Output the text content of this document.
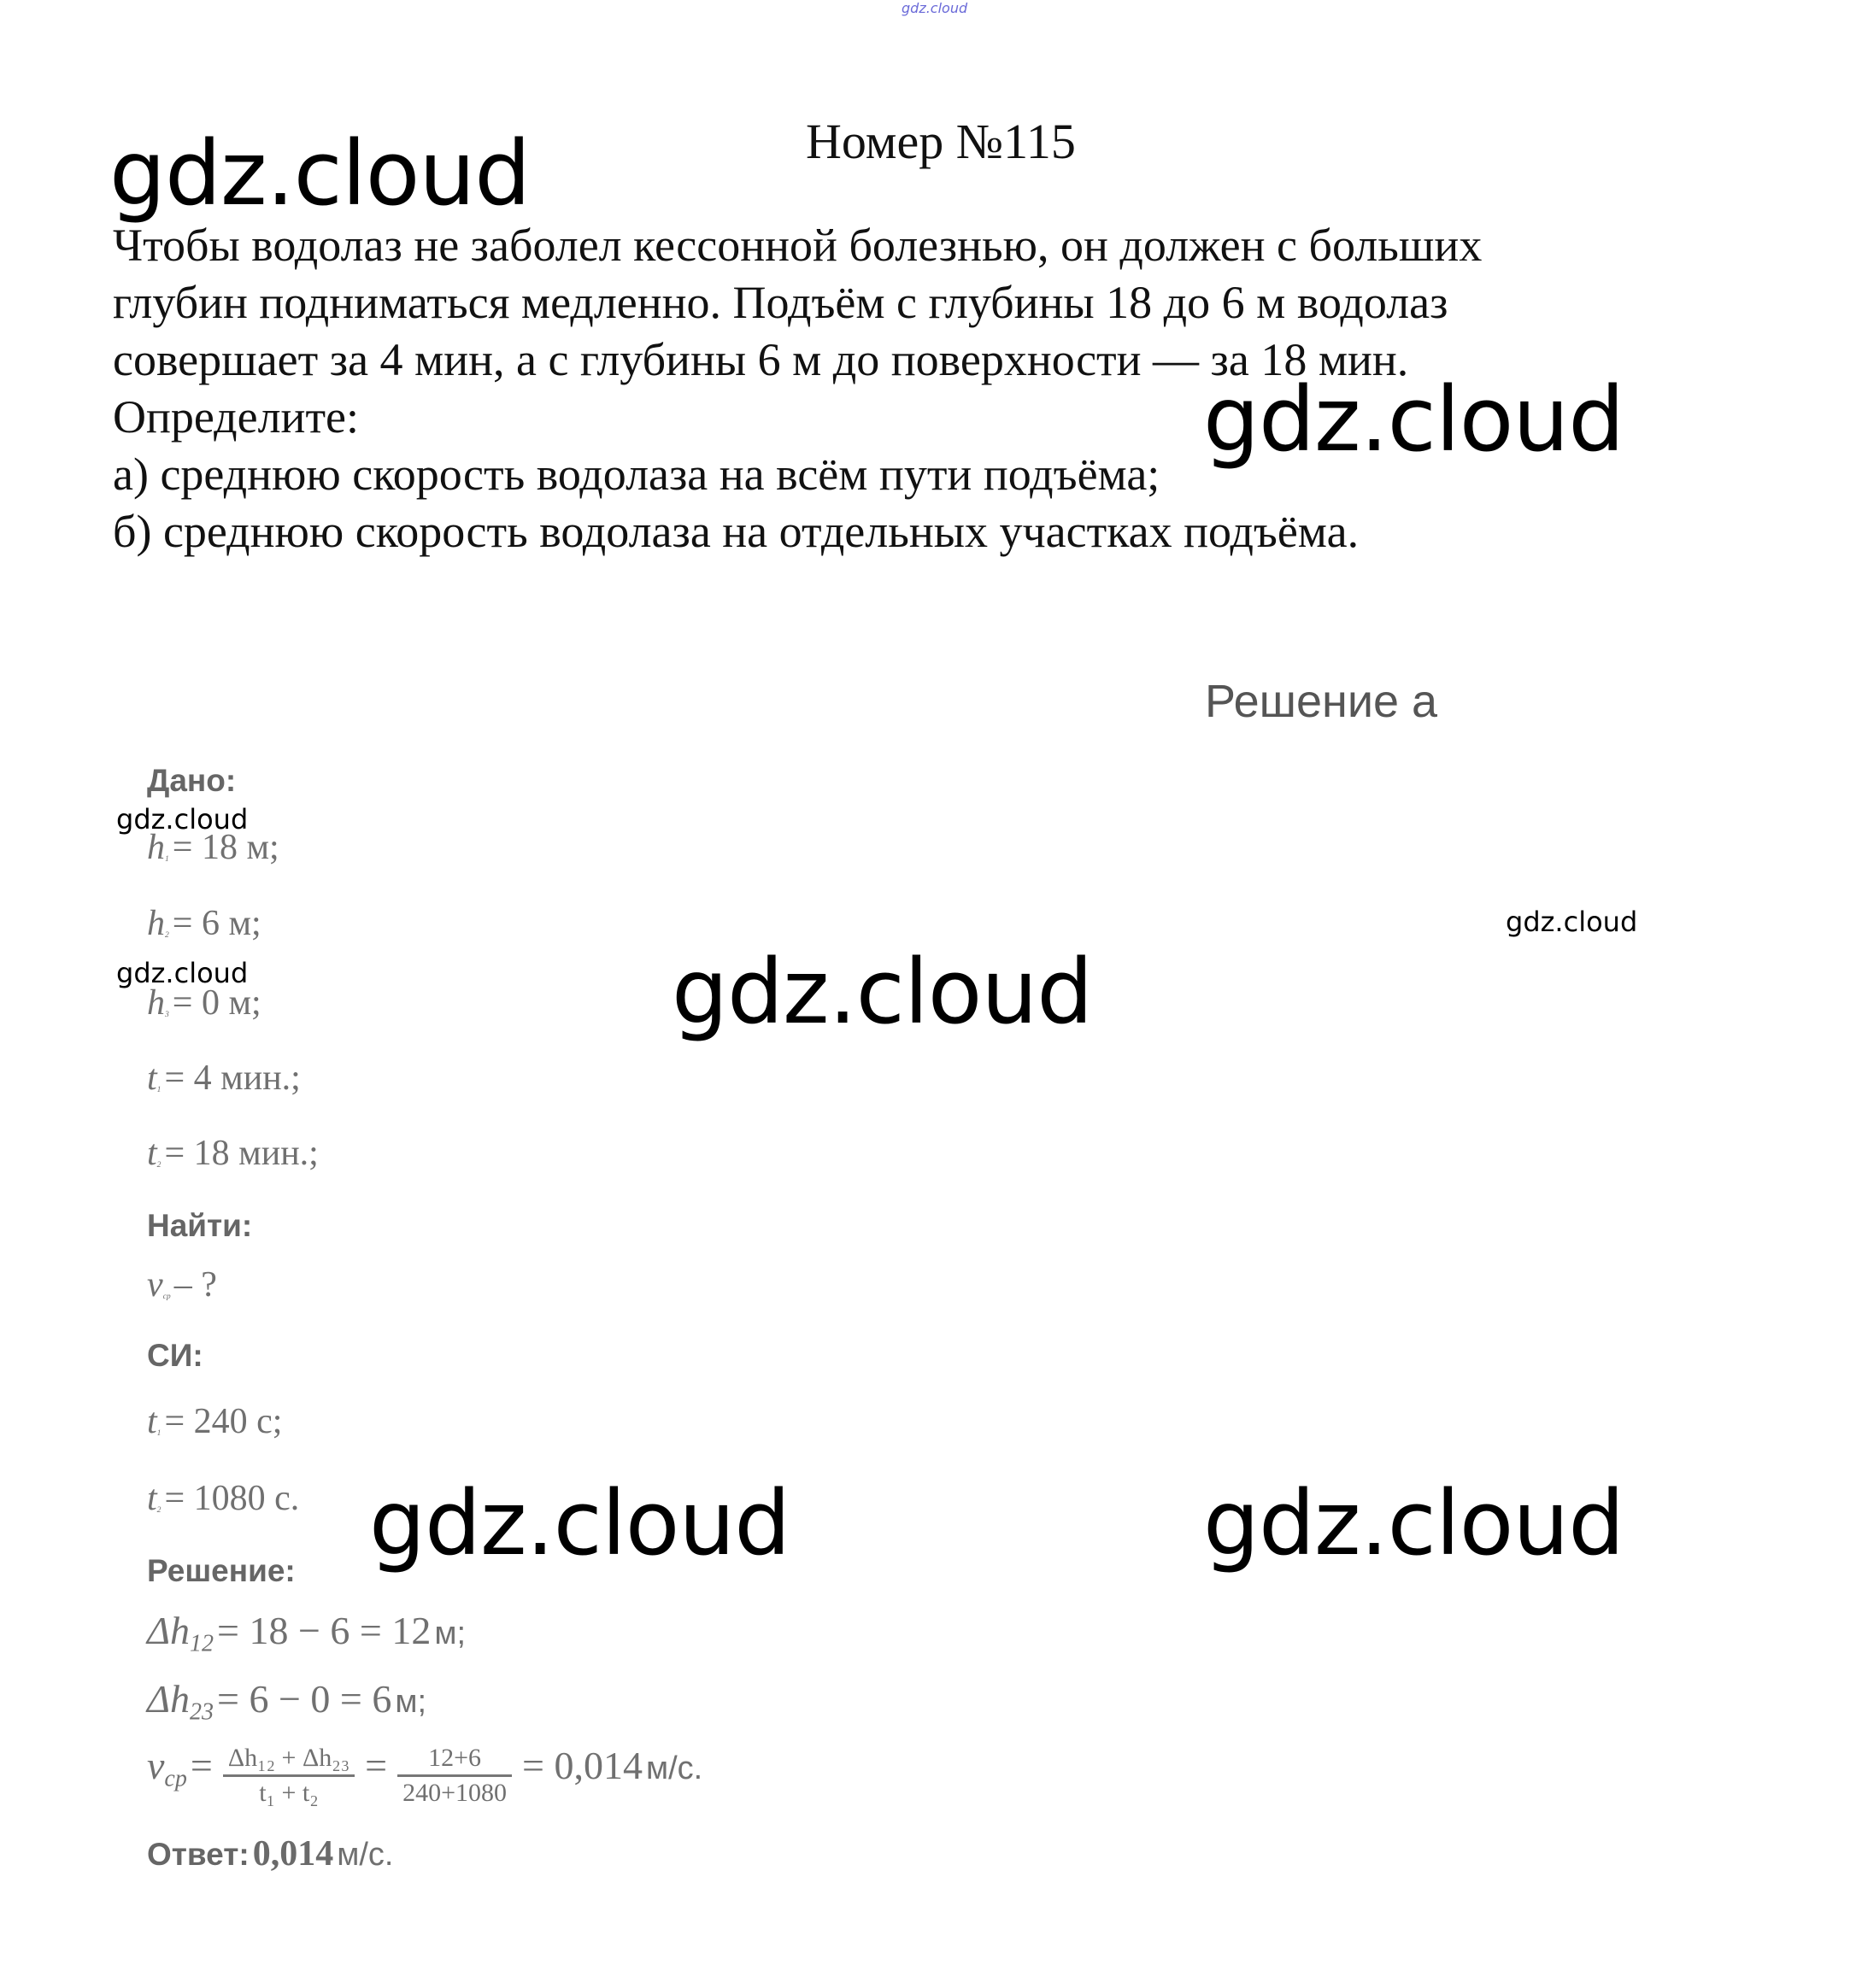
gdz.cloud
gdz.cloud
gdz.cloud
gdz.cloud
gdz.cloud	gdz.cloud
gdz.cloud
gdz.cloud
gdz.cloud
Номер №115
Чтобы водолаз не заболел кессонной болезнью, он должен с больших
глубин подниматься медленно. Подъём с глубины 18 до 6 м водолаз
совершает за 4 мин, а с глубины 6 м до поверхности — за 18 мин.
Определите:
а) среднюю скорость водолаза на всём пути подъёма;
б) среднюю скорость водолаза на отдельных участках подъёма.
Решение а
Дано:
$h_1 = 18$ м;
$h_2 = 6$ м;
$h_3 = 0$ м;
$t_1 = 4$ мин.;
$t_2 = 18$ мин.;
Найти:
$v_{ср}$ – ?
СИ:
$t_1 = 240$ с;
$t_2 = 1080$ с.
Решение:
Δh12 = 18 − 6 = 12 м;
Δh23 = 6 − 0 = 6 м;
vср = $\frac{\text{Δh₁₂ + Δh₂₃}}{\text{t₁ + t₂}} = \frac{12+6}{240+1080} = 0,014$ м/с.
Ответ: 0,014 м/с.
